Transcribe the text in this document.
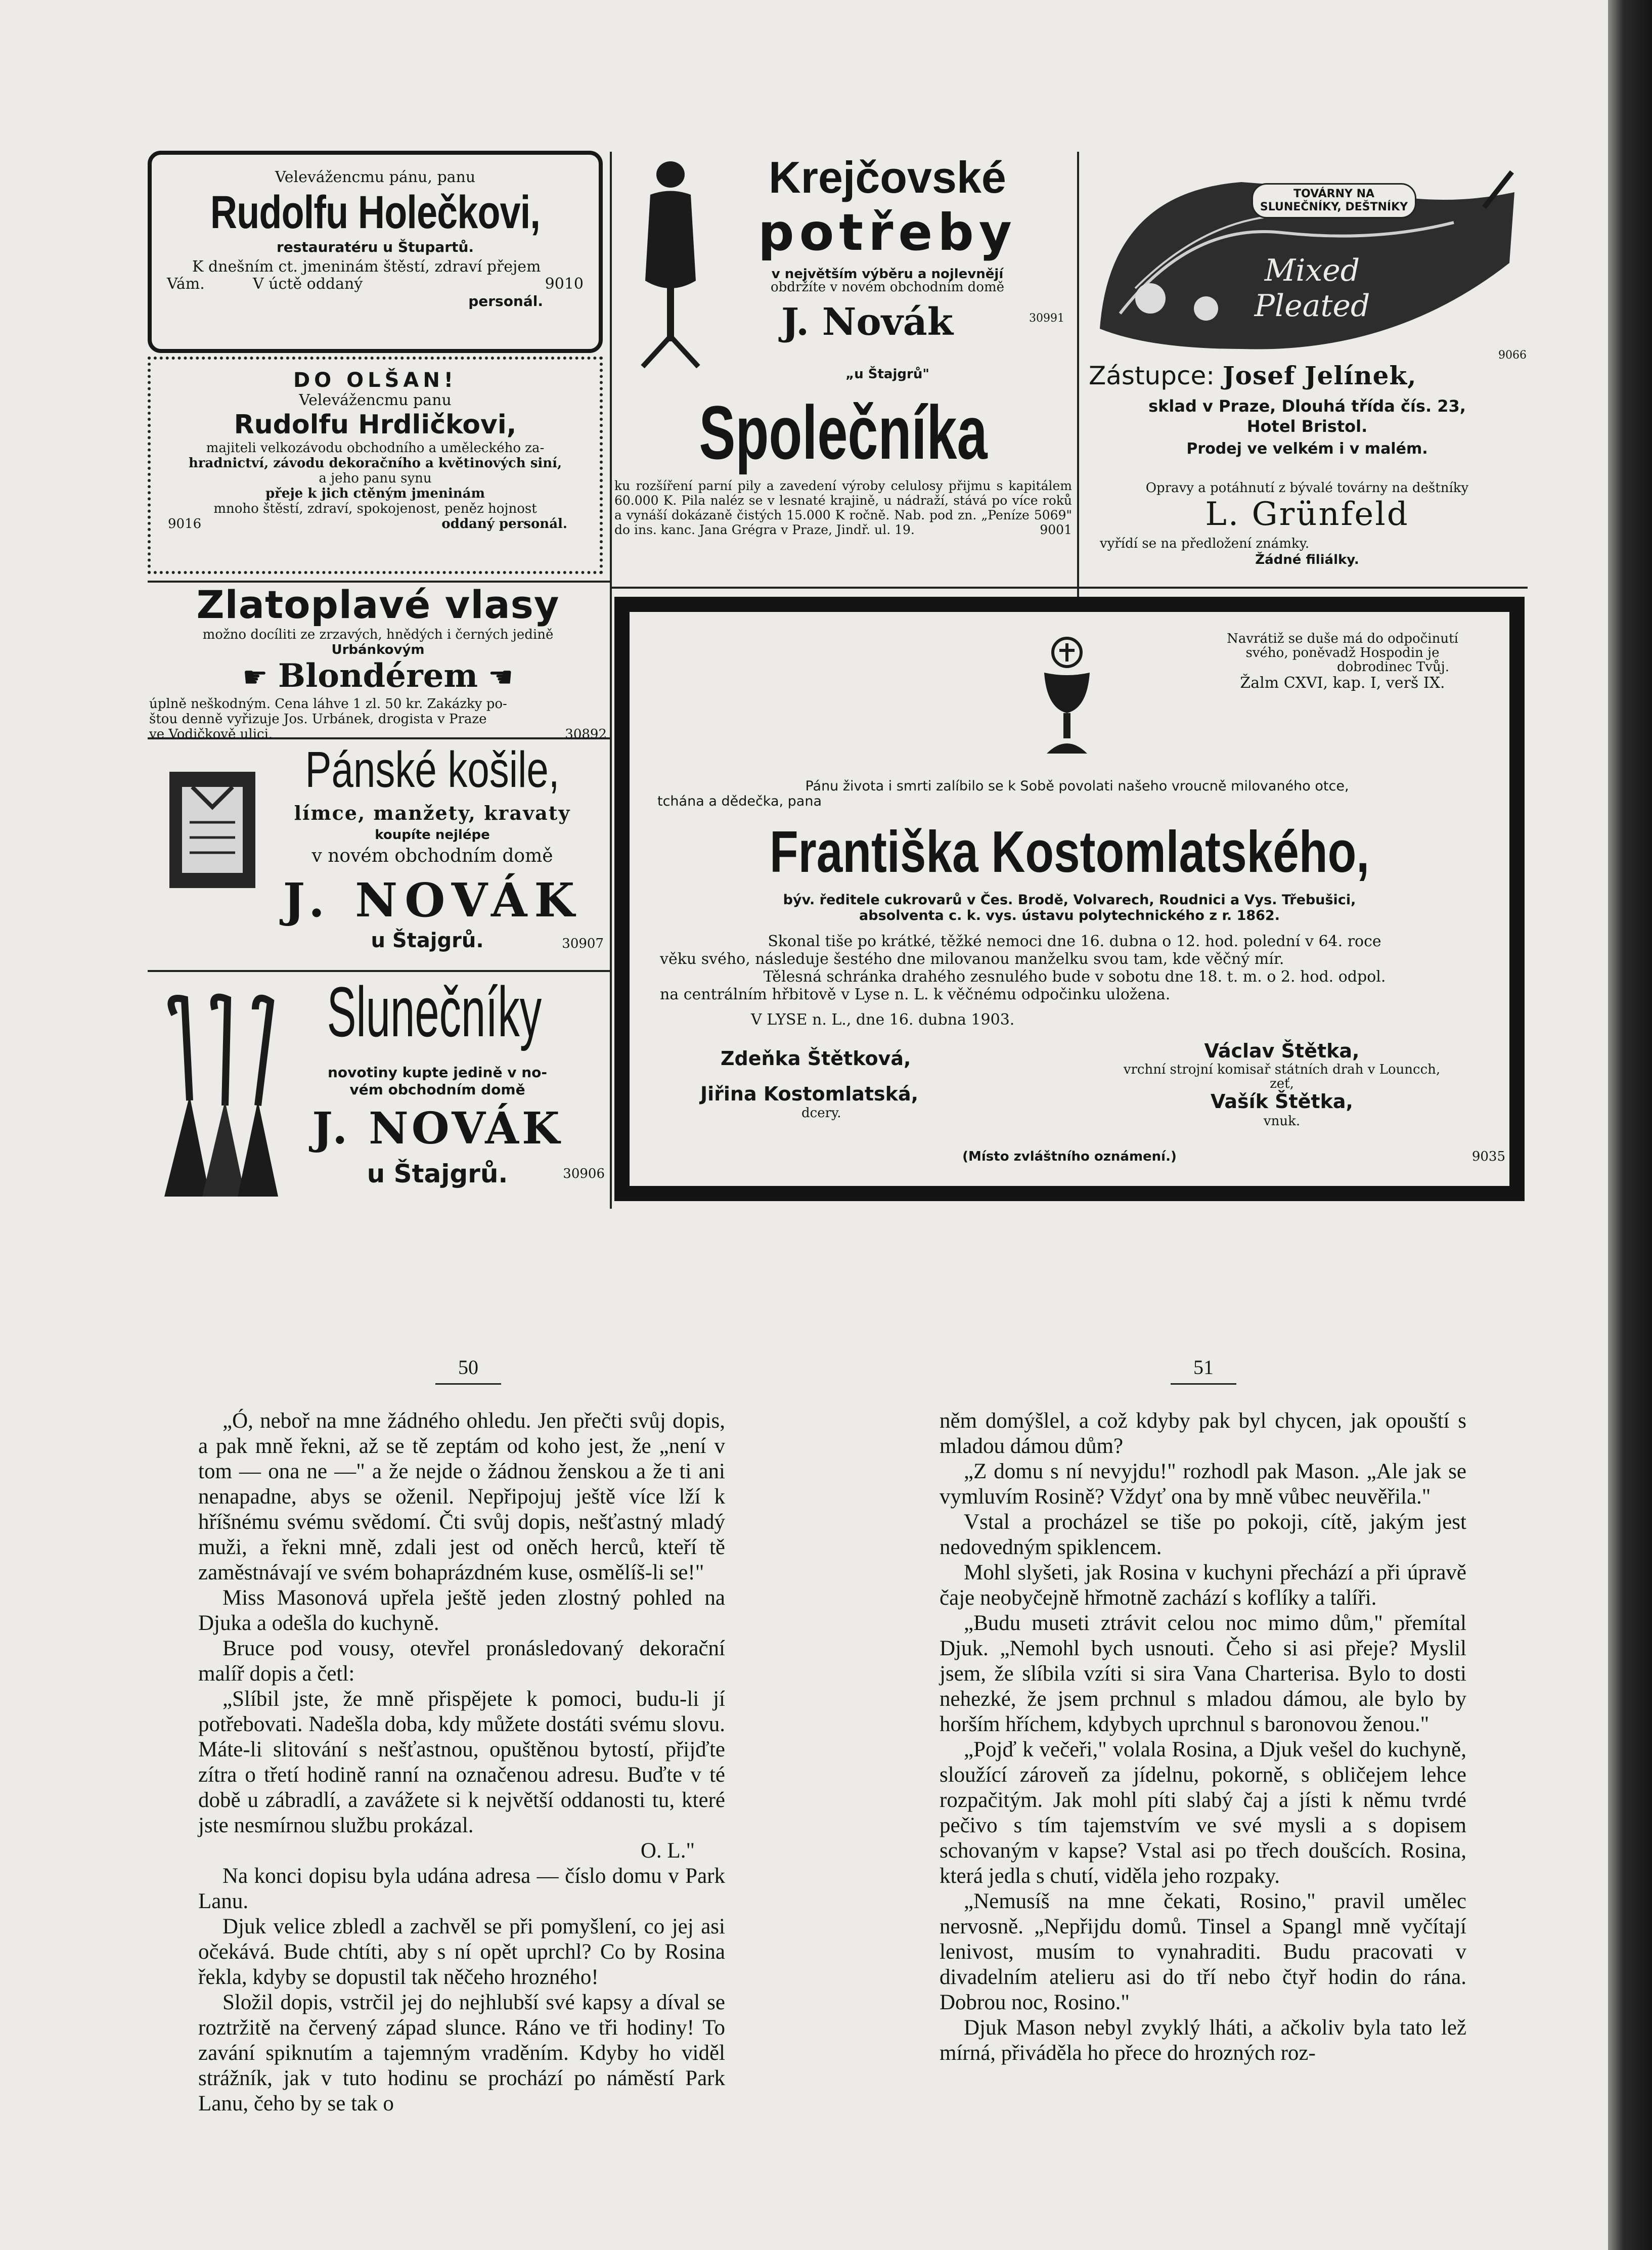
Velevážencmu pánu, panu
Rudolfu Holečkovi,
restauratéru u Štupartů.
K dnešním ct. jmeninám štěstí, zdraví přejem
Vám.	V úctě oddaný	9010
personál.
DO OLŠAN!
Velevážencmu panu
Rudolfu Hrdličkovi,
majiteli velkozávodu obchodního a uměleckého za-
hradnictví, závodu dekoračního a květinových siní,
a jeho panu synu
přeje k jich ctěným jmeninám
mnoho štěstí, zdraví, spokojenost, peněz hojnost
9016	oddaný personál.
Krejčovské
potřeby
v největším výběru a nojlevnějí
obdržíte v novém obchodním domě
J. Novák	30991
„u Štajgrů"
Společníka
ku rozšíření parní pily a zavedení výroby celulosy přijmu s kapitálem 60.000 K. Pila naléz se v lesnaté krajině, u nádraží, stává po více roků a vynáší dokázaně čistých 15.000 K ročně. Nab. pod zn. „Peníze 5069" do ins. kanc. Jana Grégra v Praze, Jindř. ul. 19.	9001
TOVÁRNY NA SLUNEČNÍKY, DEŠTNÍKY
Mixed Pleated
9066
Zástupce: Josef Jelínek,
sklad v Praze, Dlouhá třída čís. 23,
Hotel Bristol.
Prodej ve velkém i v malém.
Opravy a potáhnutí z bývalé továrny na deštníky
L. Grünfeld
vyřídí se na předložení známky.
Žádné filiálky.
Zlatoplavé vlasy
možno docíliti ze zrzavých, hnědých i černých jedině
Urbánkovým
☛ Blondérem ☛
úplně neškodným. Cena láhve 1 zl. 50 kr. Zakázky po-
štou denně vyřizuje Jos. Urbánek, drogista v Praze
ve Vodičkově ulici.	30892
Pánské košile,
límce, manžety, kravaty
koupíte nejlépe
v novém obchodním domě
J. NOVÁK
u Štajgrů.	30907
Slunečníky
novotiny kupte jedině v no-
vém obchodním domě
J. NOVÁK
u Štajgrů.	30906
Navrátiž se duše má do odpočinutí
svého, poněvadž Hospodin je
dobrodinec Tvůj.
Žalm CXVI, kap. I, verš IX.
Pánu života i smrti zalíbilo se k Sobě povolati našeho vroucně milovaného otce,
tchána a dědečka, pana
Františka Kostomlatského,
býv. ředitele cukrovarů v Čes. Brodě, Volvarech, Roudnici a Vys. Třebušici,
absolventa c. k. vys. ústavu polytechnického z r. 1862.
Skonal tiše po krátké, těžké nemoci dne 16. dubna o 12. hod. polední v 64. roce
věku svého, následuje šestého dne milovanou manželku svou tam, kde věčný mír.
Tělesná schránka drahého zesnulého bude v sobotu dne 18. t. m. o 2. hod. odpol.
na centrálním hřbitově v Lyse n. L. k věčnému odpočinku uložena.
V LYSE n. L., dne 16. dubna 1903.
Zdeňka Štětková,
Jiřina Kostomlatská,
dcery.
Václav Štětka,
vrchní strojní komisař státních drah v Louncch,
zeť,
Vašík Štětka,
vnuk.
(Místo zvláštního oznámení.)	9035
50	51

„Ó, neboř na mne žádného ohledu. Jen přečti svůj dopis, a pak mně řekni, až se tě zeptám od koho jest, že „není v tom — ona ne —" a že nejde o žádnou ženskou a že ti ani nenapadne, abys se oženil. Nepřipojuj ještě více lží k hříšnému svému svědomí. Čti svůj dopis, nešťastný mladý muži, a řekni mně, zdali jest od oněch herců, kteří tě zaměstnávají ve svém bohaprázdném kuse, osmělíš-li se!"

Miss Masonová upřela ještě jeden zlostný pohled na Djuka a odešla do kuchyně.

Bruce pod vousy, otevřel pronásledovaný dekorační malíř dopis a četl:

„Slíbil jste, že mně přispějete k pomoci, budu-li jí potřebovati. Nadešla doba, kdy můžete dostáti svému slovu. Máte-li slitování s nešťastnou, opuštěnou bytostí, přijďte zítra o třetí hodině ranní na označenou adresu. Buďte v té době u zábradlí, a zavážete si k největší oddanosti tu, které jste nesmírnou službu prokázal.

O. L."

Na konci dopisu byla udána adresa — číslo domu v Park Lanu.

Djuk velice zbledl a zachvěl se při pomyšlení, co jej asi očekává. Bude chtíti, aby s ní opět uprchl? Co by Rosina řekla, kdyby se dopustil tak něčeho hrozného!

Složil dopis, vstrčil jej do nejhlubší své kapsy a díval se roztržitě na červený západ slunce. Ráno ve tři hodiny! To zavání spiknutím a tajemným vraděním. Kdyby ho viděl strážník, jak v tuto hodinu se prochází po náměstí Park Lanu, čeho by se tak o

něm domýšlel, a což kdyby pak byl chycen, jak opouští s mladou dámou dům?

„Z domu s ní nevyjdu!" rozhodl pak Mason. „Ale jak se vymluvím Rosině? Vždyť ona by mně vůbec neuvěřila."

Vstal a procházel se tiše po pokoji, cítě, jakým jest nedovedným spiklencem.

Mohl slyšeti, jak Rosina v kuchyni přechází a při úpravě čaje neobyčejně hřmotně zachází s koflíky a talíři.

„Budu museti ztrávit celou noc mimo dům," přemítal Djuk. „Nemohl bych usnouti. Čeho si asi přeje? Myslil jsem, že slíbila vzíti si sira Vana Charterisa. Bylo to dosti nehezké, že jsem prchnul s mladou dámou, ale bylo by horším hříchem, kdybych uprchnul s baronovou ženou."

„Pojď k večeři," volala Rosina, a Djuk vešel do kuchyně, sloužící zároveň za jídelnu, pokorně, s obličejem lehce rozpačitým. Jak mohl píti slabý čaj a jísti k němu tvrdé pečivo s tím tajemstvím ve své mysli a s dopisem schovaným v kapse? Vstal asi po třech doušcích. Rosina, která jedla s chutí, viděla jeho rozpaky.

„Nemusíš na mne čekati, Rosino," pravil umělec nervosně. „Nepřijdu domů. Tinsel a Spangl mně vyčítají lenivost, musím to vynahraditi. Budu pracovati v divadelním atelieru asi do tří nebo čtyř hodin do rána. Dobrou noc, Rosino."

Djuk Mason nebyl zvyklý lháti, a ačkoliv byla tato lež mírná, přiváděla ho přece do hrozných roz-
